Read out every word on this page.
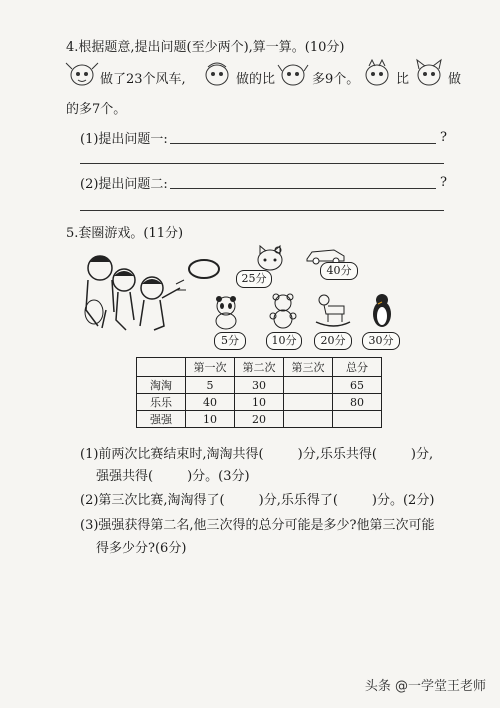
4.根据题意,提出问题(至少两个),算一算。(10分)
做了23个风车,	做的比	多9个。	比	做
的多7个。
(1)提出问题一:	?
(2)提出问题二:	?
5.套圈游戏。(11分)
25分
40分
5分	10分	20分	30分
	第一次	第二次	第三次	总分
淘淘	5	30		65
乐乐	40	10		80
强强	10	20		
(1)前两次比赛结束时,淘淘共得(	)分,乐乐共得(	)分,
强强共得(	)分。(3分)
(2)第三次比赛,淘淘得了(	)分,乐乐得了(	)分。(2分)
(3)强强获得第二名,他三次得的总分可能是多少?他第三次可能
得多少分?(6分)
头条 @一学堂王老师
